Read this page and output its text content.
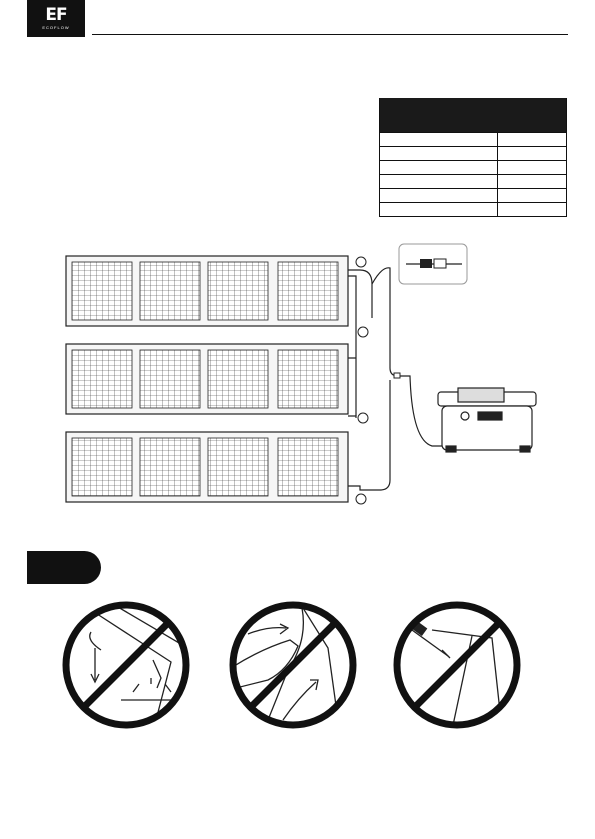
EF
ECOFLOW
